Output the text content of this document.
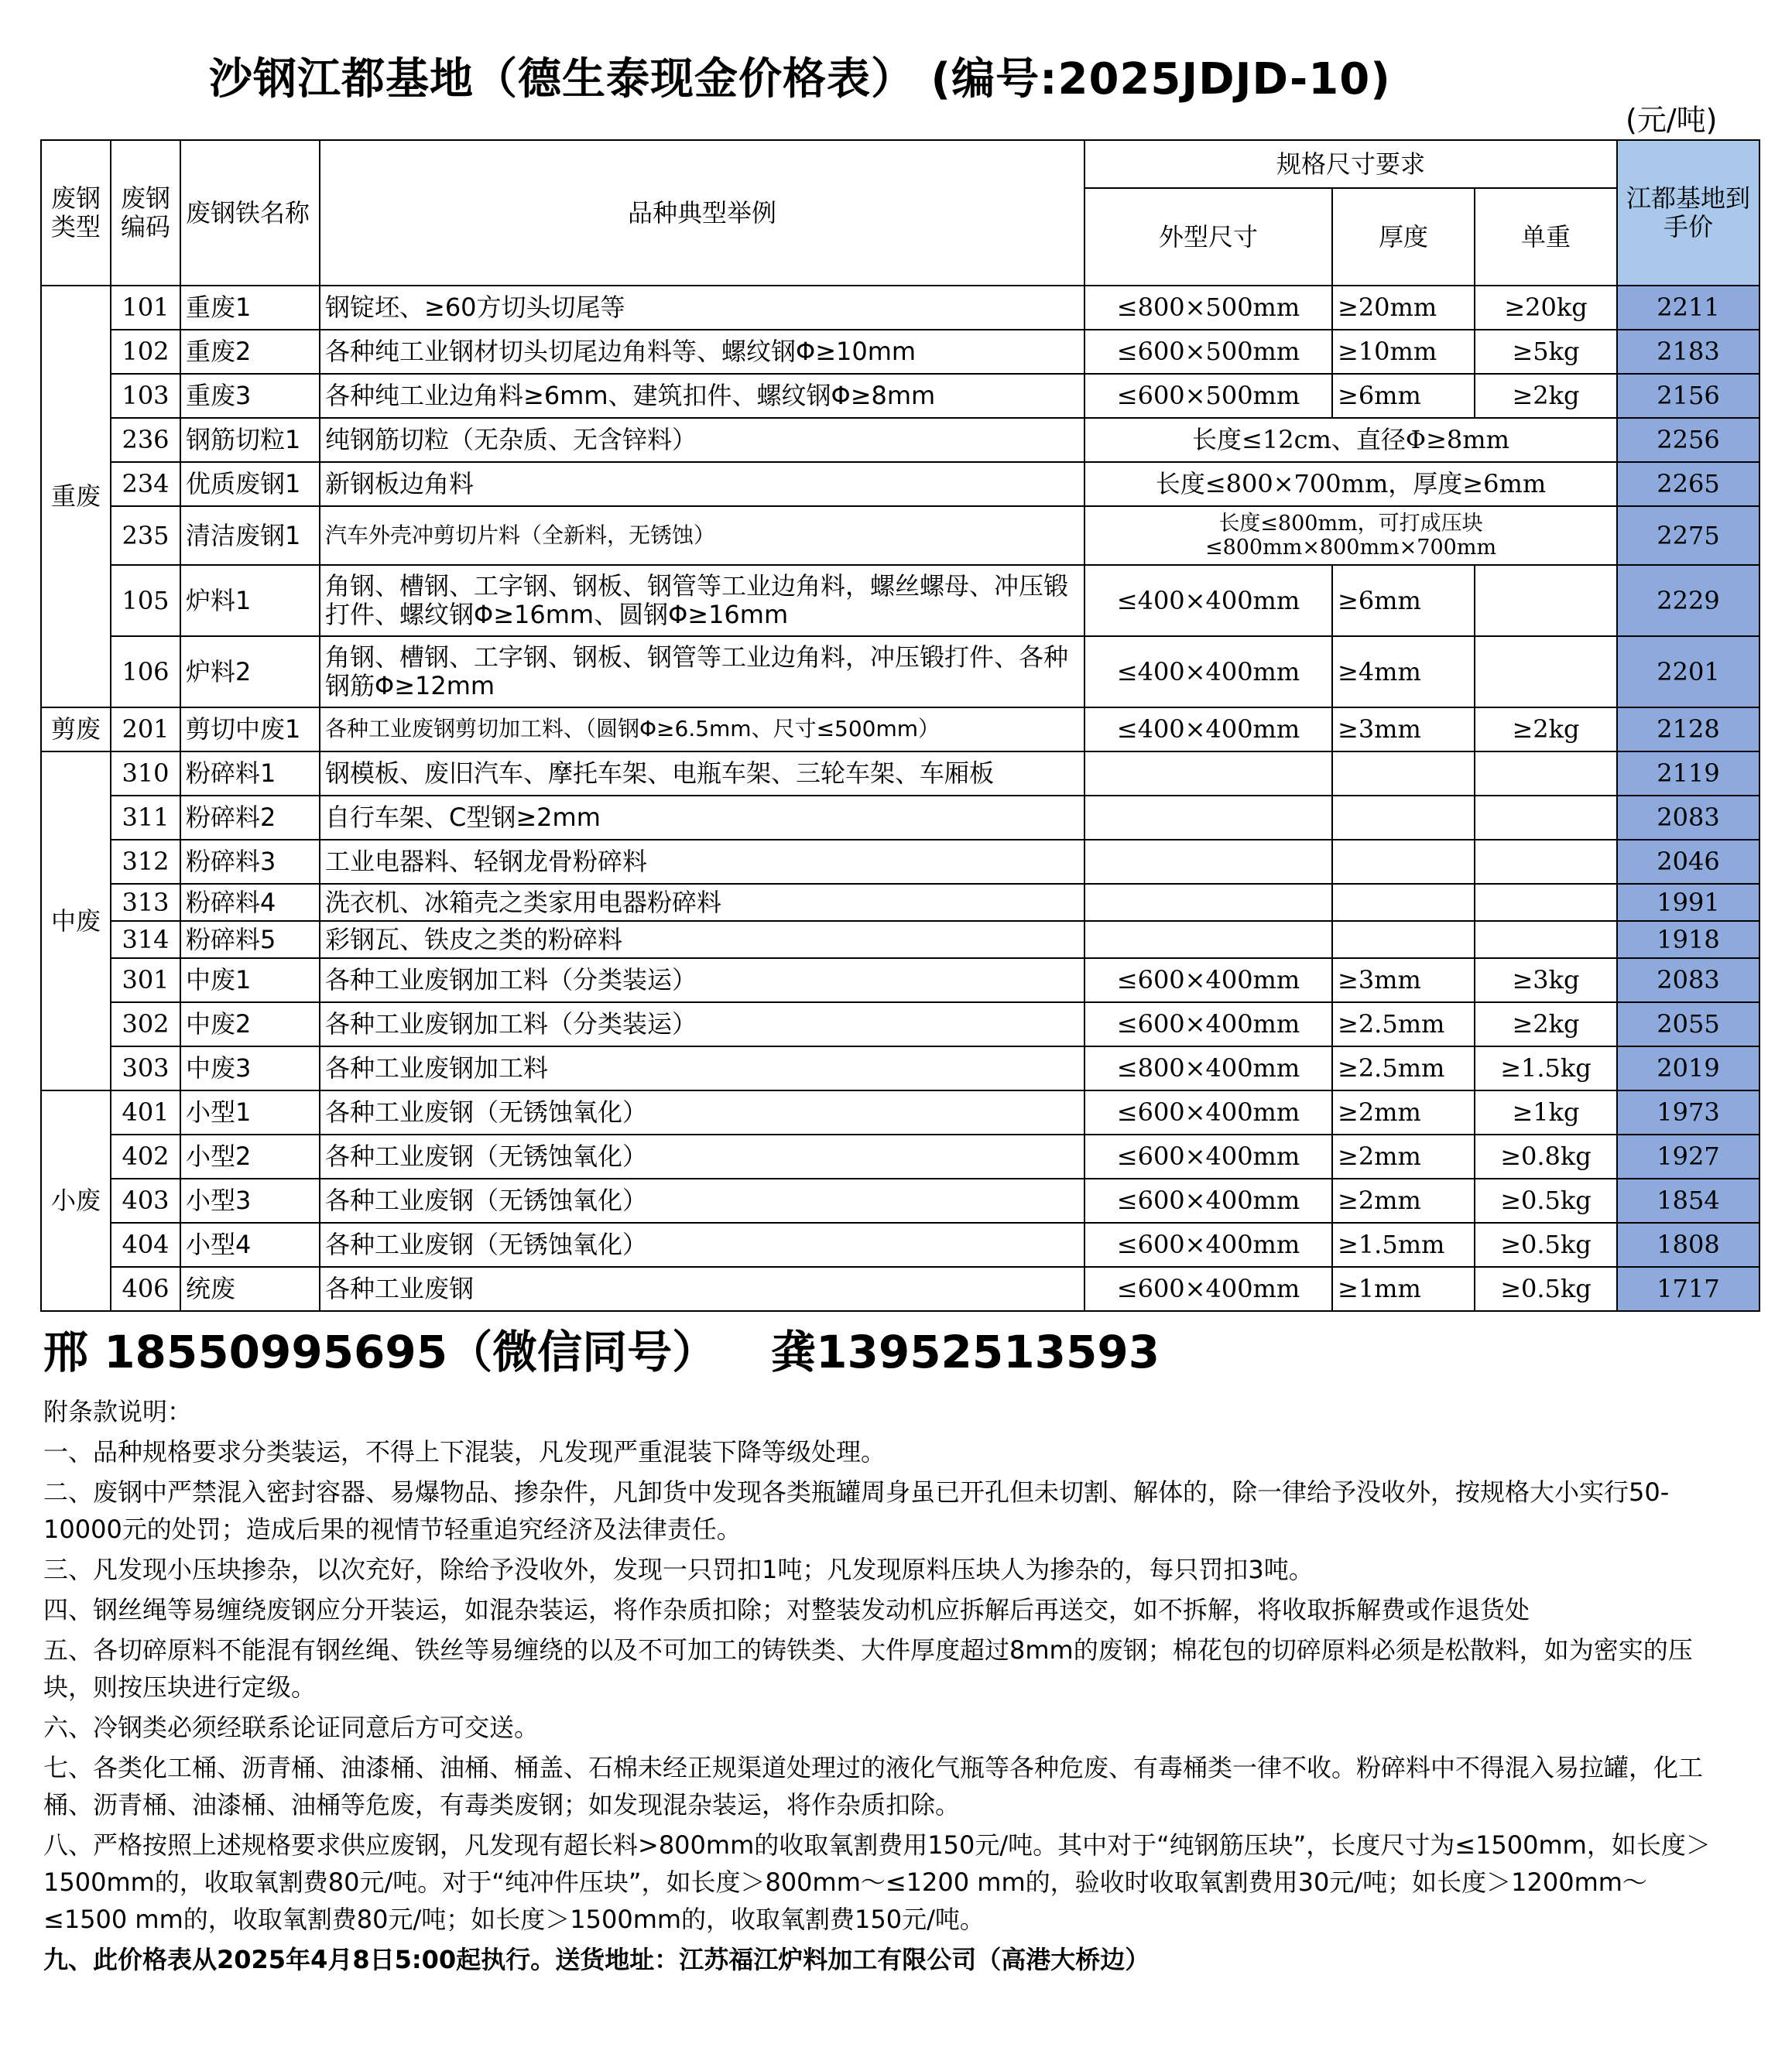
沙钢江都基地（德生泰现金价格表） (编号:2025JDJD-10)
(元/吨)
废钢类型	废钢编码	废钢铁名称	品种典型举例	规格尺寸要求			江都基地到手价
				外型尺寸	厚度	单重	
重废	101	重废1	钢锭坯、≥60方切头切尾等	≤800×500mm	≥20mm	≥20kg	2211
	102	重废2	各种纯工业钢材切头切尾边角料等、螺纹钢Φ≥10mm	≤600×500mm	≥10mm	≥5kg	2183
	103	重废3	各种纯工业边角料≥6mm、建筑扣件、螺纹钢Φ≥8mm	≤600×500mm	≥6mm	≥2kg	2156
	236	钢筋切粒1	纯钢筋切粒（无杂质、无含锌料）	长度≤12cm、直径Φ≥8mm			2256
	234	优质废钢1	新钢板边角料	长度≤800×700mm，厚度≥6mm			2265
	235	清洁废钢1	汽车外壳冲剪切片料（全新料，无锈蚀）	长度≤800mm，可打成压块≤800mm×800mm×700mm			2275
	105	炉料1	角钢、槽钢、工字钢、钢板、钢管等工业边角料，螺丝螺母、冲压锻打件、螺纹钢Φ≥16mm、圆钢Φ≥16mm	≤400×400mm	≥6mm		2229
	106	炉料2	角钢、槽钢、工字钢、钢板、钢管等工业边角料，冲压锻打件、各种钢筋Φ≥12mm	≤400×400mm	≥4mm		2201
剪废	201	剪切中废1	各种工业废钢剪切加工料、（圆钢Φ≥6.5mm、尺寸≤500mm）	≤400×400mm	≥3mm	≥2kg	2128
中废	310	粉碎料1	钢模板、废旧汽车、摩托车架、电瓶车架、三轮车架、车厢板				2119
	311	粉碎料2	自行车架、C型钢≥2mm				2083
	312	粉碎料3	工业电器料、轻钢龙骨粉碎料				2046
	313	粉碎料4	洗衣机、冰箱壳之类家用电器粉碎料				1991
	314	粉碎料5	彩钢瓦、铁皮之类的粉碎料				1918
	301	中废1	各种工业废钢加工料（分类装运）	≤600×400mm	≥3mm	≥3kg	2083
	302	中废2	各种工业废钢加工料（分类装运）	≤600×400mm	≥2.5mm	≥2kg	2055
	303	中废3	各种工业废钢加工料	≤800×400mm	≥2.5mm	≥1.5kg	2019
小废	401	小型1	各种工业废钢（无锈蚀氧化）	≤600×400mm	≥2mm	≥1kg	1973
	402	小型2	各种工业废钢（无锈蚀氧化）	≤600×400mm	≥2mm	≥0.8kg	1927
	403	小型3	各种工业废钢（无锈蚀氧化）	≤600×400mm	≥2mm	≥0.5kg	1854
	404	小型4	各种工业废钢（无锈蚀氧化）	≤600×400mm	≥1.5mm	≥0.5kg	1808
	406	统废	各种工业废钢	≤600×400mm	≥1mm	≥0.5kg	1717
邢 18550995695（微信同号） 龚13952513593

附条款说明：

一、品种规格要求分类装运，不得上下混装，凡发现严重混装下降等级处理。

二、废钢中严禁混入密封容器、易爆物品、掺杂件，凡卸货中发现各类瓶罐周身虽已开孔但未切割、解体的，除一律给予没收外，按规格大小实行50-10000元的处罚；造成后果的视情节轻重追究经济及法律责任。

三、凡发现小压块掺杂，以次充好，除给予没收外，发现一只罚扣1吨；凡发现原料压块人为掺杂的，每只罚扣3吨。

四、钢丝绳等易缠绕废钢应分开装运，如混杂装运，将作杂质扣除；对整装发动机应拆解后再送交，如不拆解，将收取拆解费或作退货处

五、各切碎原料不能混有钢丝绳、铁丝等易缠绕的以及不可加工的铸铁类、大件厚度超过8mm的废钢；棉花包的切碎原料必须是松散料，如为密实的压块，则按压块进行定级。

六、冷钢类必须经联系论证同意后方可交送。

七、各类化工桶、沥青桶、油漆桶、油桶、桶盖、石棉未经正规渠道处理过的液化气瓶等各种危废、有毒桶类一律不收。粉碎料中不得混入易拉罐，化工桶、沥青桶、油漆桶、油桶等危废，有毒类废钢；如发现混杂装运，将作杂质扣除。

八、严格按照上述规格要求供应废钢，凡发现有超长料>800mm的收取氧割费用150元/吨。其中对于“纯钢筋压块”，长度尺寸为≤1500mm，如长度＞1500mm的，收取氧割费80元/吨。对于“纯冲件压块”，如长度＞800mm～≤1200 mm的，验收时收取氧割费用30元/吨；如长度＞1200mm～≤1500 mm的，收取氧割费80元/吨；如长度＞1500mm的，收取氧割费150元/吨。

九、此价格表从2025年4月8日5:00起执行。送货地址：江苏福江炉料加工有限公司（高港大桥边）
